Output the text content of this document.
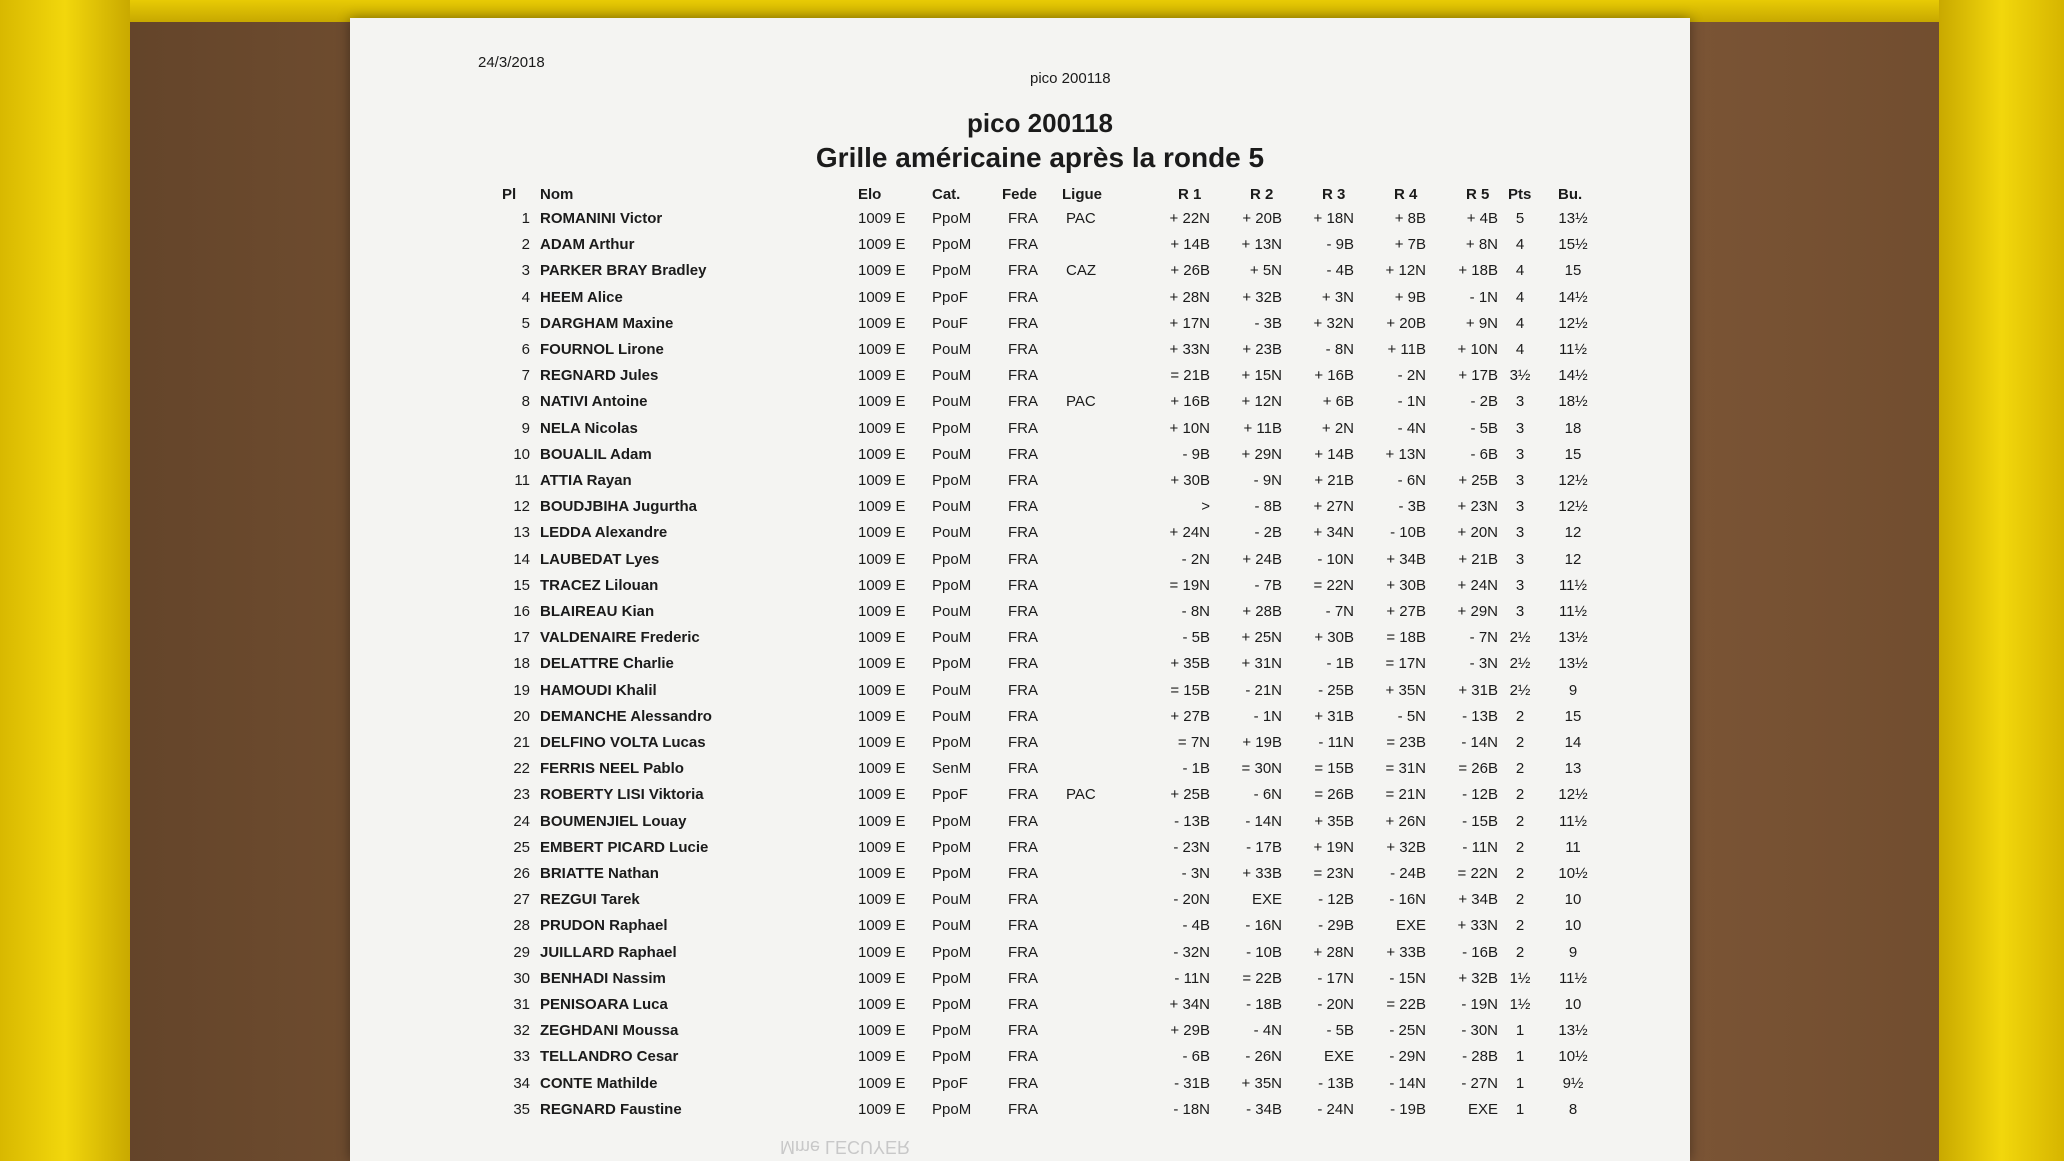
24/3/2018
pico 200118
pico 200118
Grille américaine après la ronde 5
Pl Nom	Elo	Cat.	Fede Ligue	R 1	R 2	R 3	R 4	R 5 Pts Bu.
1 ROMANINI Victor	1009 E PpoM FRA PAC	+ 22N	+ 20B	+ 18N	+ 8B	+ 4B	5	13½
2 ADAM Arthur	1009 E PpoM FRA	+ 14B	+ 13N	- 9B	+ 7B	+ 8N	4	15½
3 PARKER BRAY Bradley	1009 E PpoM FRA CAZ	+ 26B	+ 5N	- 4B	+ 12N	+ 18B	4	15
4 HEEM Alice	1009 E PpoF	FRA	+ 28N	+ 32B	+ 3N	+ 9B	- 1N	4	14½
5 DARGHAM Maxine	1009 E PouF	FRA	+ 17N	- 3B	+ 32N	+ 20B	+ 9N	4	12½
6 FOURNOL Lirone	1009 E PouM FRA	+ 33N	+ 23B	- 8N	+ 11B	+ 10N	4	11½
7 REGNARD Jules	1009 E PouM FRA	= 21B	+ 15N	+ 16B	- 2N	+ 17B 3½	14½
8 NATIVI Antoine	1009 E PouM FRA PAC	+ 16B	+ 12N	+ 6B	- 1N	- 2B	3	18½
9 NELA Nicolas	1009 E PpoM FRA	+ 10N	+ 11B	+ 2N	- 4N	- 5B	3	18
10 BOUALIL Adam	1009 E PouM FRA	- 9B	+ 29N	+ 14B	+ 13N	- 6B	3	15
11 ATTIA Rayan	1009 E PpoM FRA	+ 30B	- 9N	+ 21B	- 6N	+ 25B	3	12½
12 BOUDJBIHA Jugurtha	1009 E PouM FRA	>	- 8B	+ 27N	- 3B	+ 23N	3	12½
13 LEDDA Alexandre	1009 E PouM FRA	+ 24N	- 2B	+ 34N	- 10B	+ 20N	3	12
14 LAUBEDAT Lyes	1009 E PpoM FRA	- 2N	+ 24B	- 10N	+ 34B	+ 21B	3	12
15 TRACEZ Lilouan	1009 E PpoM FRA	= 19N	- 7B	= 22N	+ 30B	+ 24N	3	11½
16 BLAIREAU Kian	1009 E PouM FRA	- 8N	+ 28B	- 7N	+ 27B	+ 29N	3	11½
17 VALDENAIRE Frederic	1009 E PouM FRA	- 5B	+ 25N	+ 30B	= 18B	- 7N 2½	13½
18 DELATTRE Charlie	1009 E PpoM FRA	+ 35B	+ 31N	- 1B	= 17N	- 3N 2½	13½
19 HAMOUDI Khalil	1009 E PouM FRA	= 15B	- 21N	- 25B	+ 35N	+ 31B 2½	9
20 DEMANCHE Alessandro	1009 E PouM FRA	+ 27B	- 1N	+ 31B	- 5N	- 13B	2	15
21 DELFINO VOLTA Lucas	1009 E PpoM FRA	= 7N	+ 19B	- 11N	= 23B	- 14N	2	14
22 FERRIS NEEL Pablo	1009 E SenM FRA	- 1B	= 30N	= 15B	= 31N	= 26B	2	13
23 ROBERTY LISI Viktoria	1009 E PpoF	FRA PAC	+ 25B	- 6N	= 26B	= 21N	- 12B	2	12½
24 BOUMENJIEL Louay	1009 E PpoM FRA	- 13B	- 14N	+ 35B	+ 26N	- 15B	2	11½
25 EMBERT PICARD Lucie	1009 E PpoM FRA	- 23N	- 17B	+ 19N	+ 32B	- 11N	2	11
26 BRIATTE Nathan	1009 E PpoM FRA	- 3N	+ 33B	= 23N	- 24B	= 22N	2	10½
27 REZGUI Tarek	1009 E PouM FRA	- 20N	EXE	- 12B	- 16N	+ 34B	2	10
28 PRUDON Raphael	1009 E PouM FRA	- 4B	- 16N	- 29B	EXE	+ 33N	2	10
29 JUILLARD Raphael	1009 E PpoM FRA	- 32N	- 10B	+ 28N	+ 33B	- 16B	2	9
30 BENHADI Nassim	1009 E PpoM FRA	- 11N	= 22B	- 17N	- 15N	+ 32B 1½	11½
31 PENISOARA Luca	1009 E PpoM FRA	+ 34N	- 18B	- 20N	= 22B	- 19N 1½	10
32 ZEGHDANI Moussa	1009 E PpoM FRA	+ 29B	- 4N	- 5B	- 25N	- 30N	1	13½
33 TELLANDRO Cesar	1009 E PpoM FRA	- 6B	- 26N	EXE	- 29N	- 28B	1	10½
34 CONTE Mathilde	1009 E PpoF	FRA	- 31B	+ 35N	- 13B	- 14N	- 27N	1	9½
35 REGNARD Faustine	1009 E PpoM FRA	- 18N	- 34B	- 24N	- 19B	EXE	1	8
Mme LECUYER
